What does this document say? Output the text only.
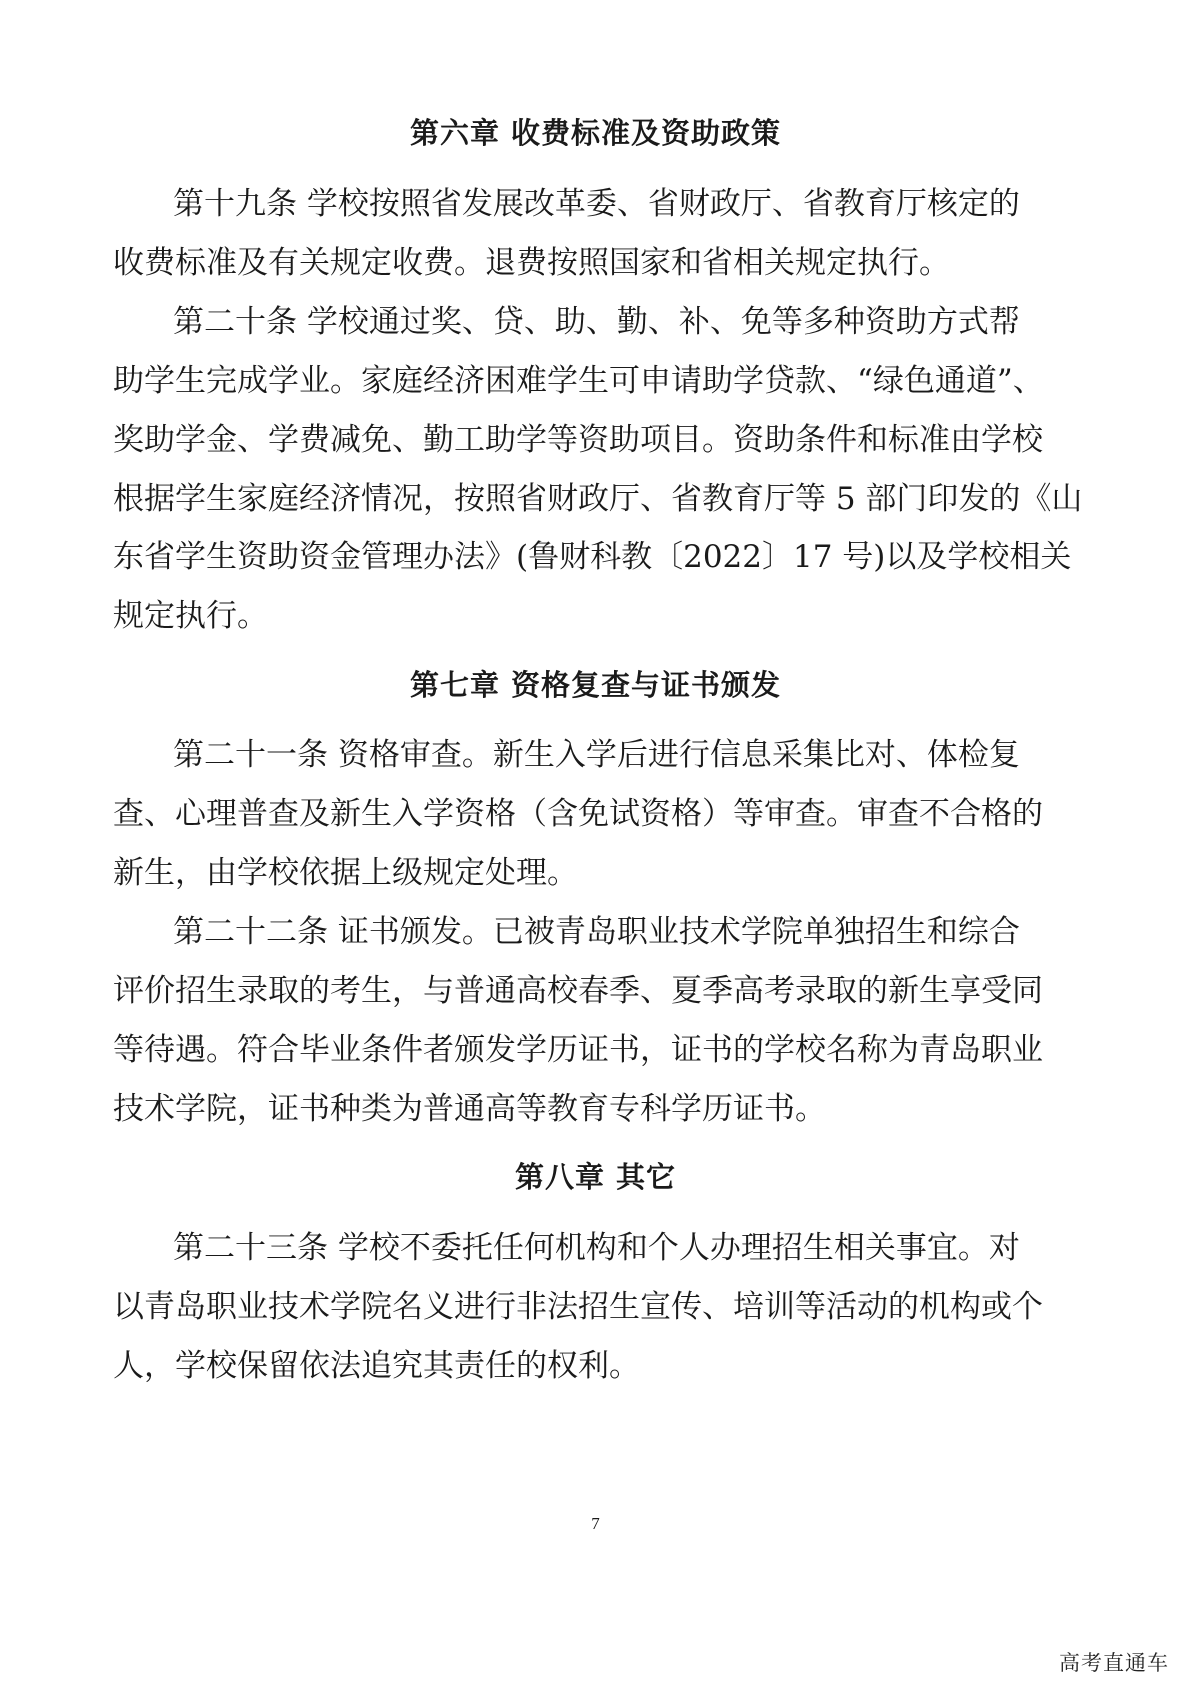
第六章 收费标准及资助政策
第十九条 学校按照省发展改革委、省财政厅、省教育厅核定的
收费标准及有关规定收费。退费按照国家和省相关规定执行。
第二十条 学校通过奖、贷、助、勤、补、免等多种资助方式帮
助学生完成学业。家庭经济困难学生可申请助学贷款、“绿色通道”、
奖助学金、学费减免、勤工助学等资助项目。资助条件和标准由学校
根据学生家庭经济情况，按照省财政厅、省教育厅等 5 部门印发的《山
东省学生资助资金管理办法》(鲁财科教〔2022〕17 号)以及学校相关
规定执行。
第七章 资格复查与证书颁发
第二十一条 资格审查。新生入学后进行信息采集比对、体检复
查、心理普查及新生入学资格（含免试资格）等审查。审查不合格的
新生，由学校依据上级规定处理。
第二十二条 证书颁发。已被青岛职业技术学院单独招生和综合
评价招生录取的考生，与普通高校春季、夏季高考录取的新生享受同
等待遇。符合毕业条件者颁发学历证书，证书的学校名称为青岛职业
技术学院，证书种类为普通高等教育专科学历证书。
第八章 其它
第二十三条 学校不委托任何机构和个人办理招生相关事宜。对
以青岛职业技术学院名义进行非法招生宣传、培训等活动的机构或个
人，学校保留依法追究其责任的权利。
7
高考直通车
